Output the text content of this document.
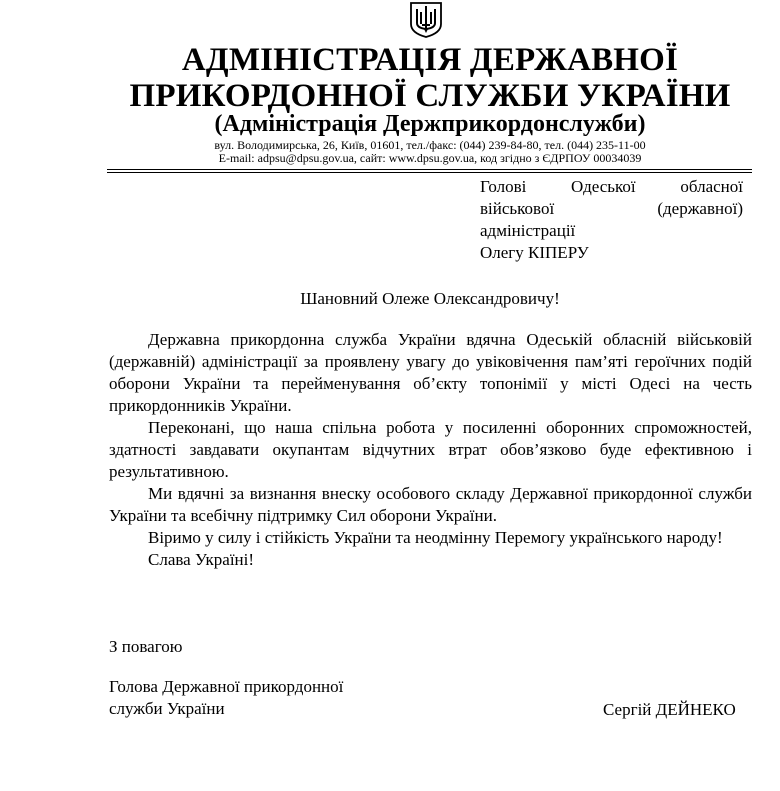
АДМІНІСТРАЦІЯ ДЕРЖАВНОЇ
ПРИКОРДОННОЇ СЛУЖБИ УКРАЇНИ
(Адміністрація Держприкордонслужби)
вул. Володимирська, 26, Київ, 01601, тел./факс: (044) 239-84-80, тел. (044) 235-11-00
E-mail: adpsu@dpsu.gov.ua, сайт: www.dpsu.gov.ua, код згідно з ЄДРПОУ 00034039
Голові Одеської обласної
військової (державної)
адміністрації
Олегу КІПЕРУ
Шановний Олеже Олександровичу!

Державна прикордонна служба України вдячна Одеській обласній військовій (державній) адміністрації за проявлену увагу до увіковічення пам’яті героїчних подій оборони України та перейменування об’єкту топонімії у місті Одесі на честь прикордонників України.

Переконані, що наша спільна робота у посиленні оборонних спроможностей, здатності завдавати окупантам відчутних втрат обов’язково буде ефективною і результативною.

Ми вдячні за визнання внеску особового складу Державної прикордонної служби України та всебічну підтримку Сил оборони України.

Віримо у силу і стійкість України та неодмінну Перемогу українського народу!

Слава Україні!

З повагою
Голова Державної прикордонної
служби України	Сергій ДЕЙНЕКО
